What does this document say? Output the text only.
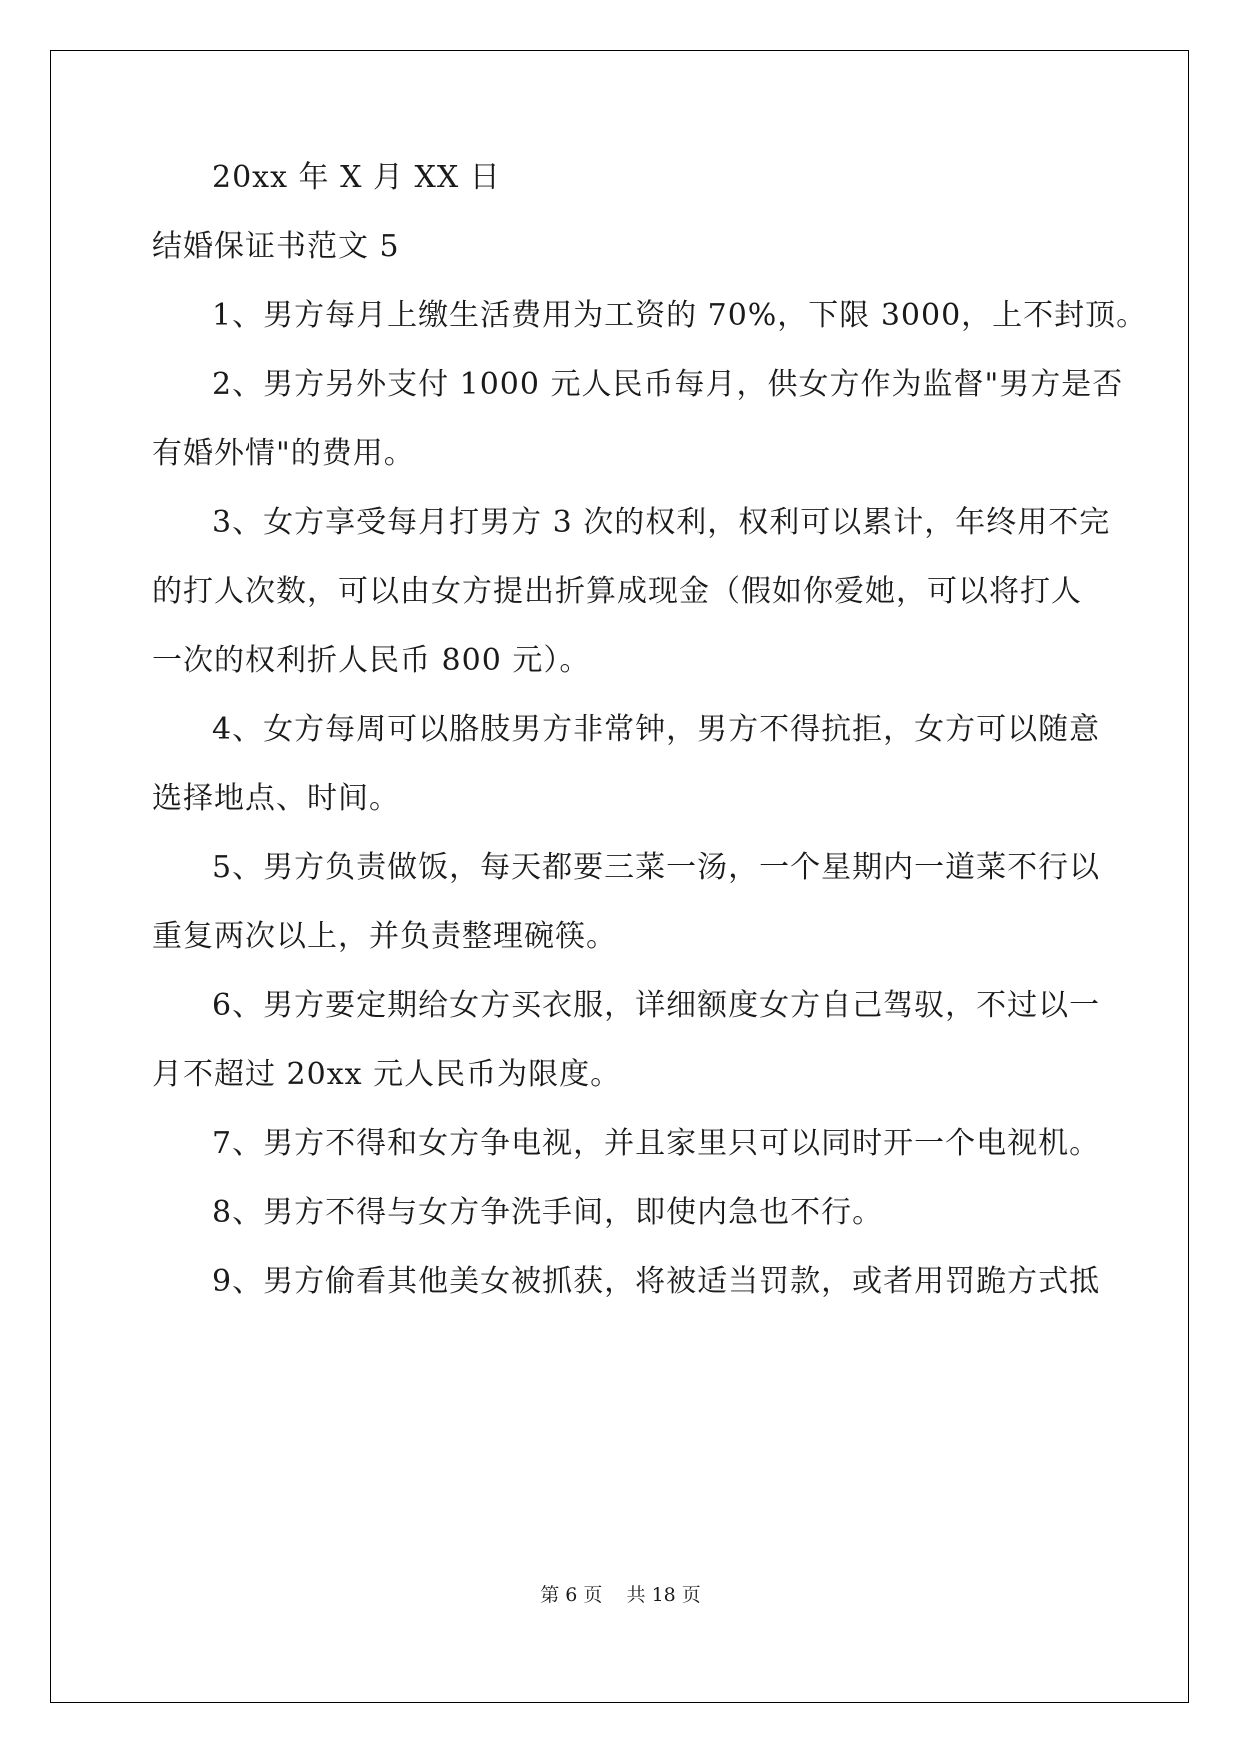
20xx 年 X 月 XX 日

结婚保证书范文 5

1、男方每月上缴生活费用为工资的 70%，下限 3000，上不封顶。

2、男方另外支付 1000 元人民币每月，供女方作为监督"男方是否

有婚外情"的费用。

3、女方享受每月打男方 3 次的权利，权利可以累计，年终用不完

的打人次数，可以由女方提出折算成现金（假如你爱她，可以将打人

一次的权利折人民币 800 元）。

4、女方每周可以胳肢男方非常钟，男方不得抗拒，女方可以随意

选择地点、时间。

5、男方负责做饭，每天都要三菜一汤，一个星期内一道菜不行以

重复两次以上，并负责整理碗筷。

6、男方要定期给女方买衣服，详细额度女方自己驾驭，不过以一

月不超过 20xx 元人民币为限度。

7、男方不得和女方争电视，并且家里只可以同时开一个电视机。

8、男方不得与女方争洗手间，即使内急也不行。

9、男方偷看其他美女被抓获，将被适当罚款，或者用罚跪方式抵

第 6 页 共 18 页
